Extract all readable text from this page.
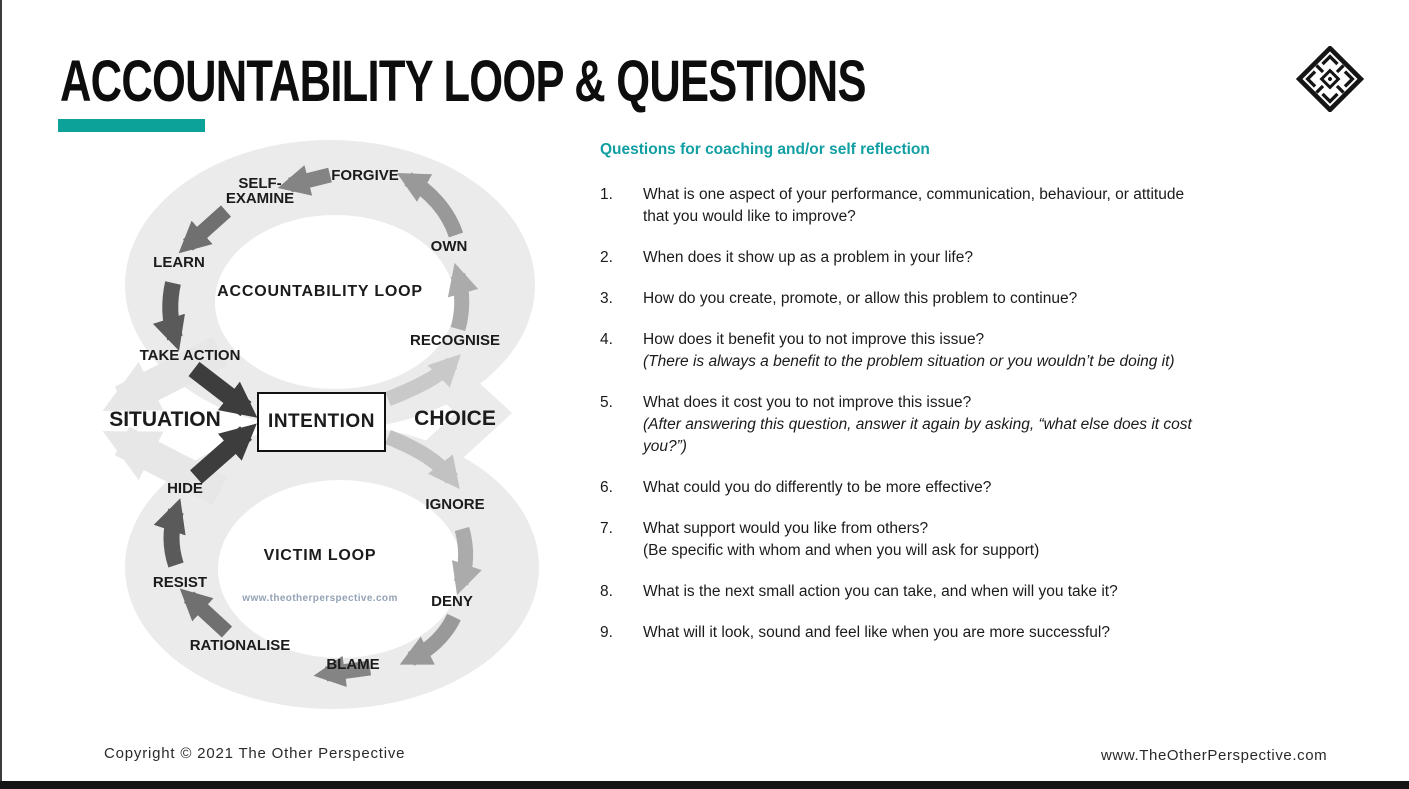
ACCOUNTABILITY LOOP & QUESTIONS
FORGIVE
SELF-
EXAMINE
OWN
LEARN
ACCOUNTABILITY LOOP
RECOGNISE
TAKE ACTION
SITUATION	CHOICE
INTENTION
HIDE
IGNORE
VICTIM LOOP
RESIST
www.theotherperspective.com DENY
RATIONALISE
BLAME
Questions for coaching and/or self reflection
1.	What is one aspect of your performance, communication, behaviour, or attitude
that you would like to improve?
2.	When does it show up as a problem in your life?
3.	How do you create, promote, or allow this problem to continue?
4.	How does it benefit you to not improve this issue?
(There is always a benefit to the problem situation or you wouldn’t be doing it)
5.	What does it cost you to not improve this issue?
(After answering this question, answer it again by asking, “what else does it cost
you?”)
6.	What could you do differently to be more effective?
7.	What support would you like from others?
(Be specific with whom and when you will ask for support)
8.	What is the next small action you can take, and when will you take it?
9.	What will it look, sound and feel like when you are more successful?
Copyright © 2021 The Other Perspective	www.TheOtherPerspective.com
